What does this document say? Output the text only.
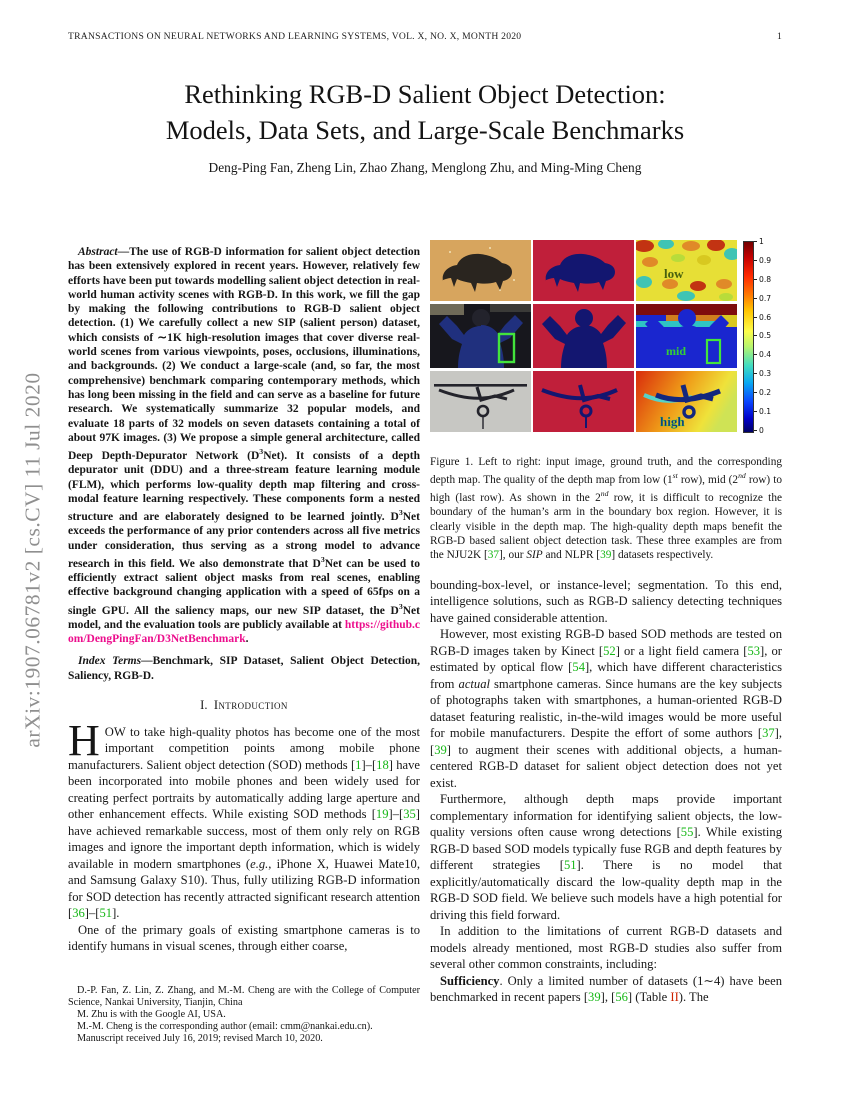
TRANSACTIONS ON NEURAL NETWORKS AND LEARNING SYSTEMS, VOL. X, NO. X, MONTH 2020	1
arXiv:1907.06781v2 [cs.CV] 11 Jul 2020
Rethinking RGB-D Salient Object Detection:
Models, Data Sets, and Large-Scale Benchmarks
Deng-Ping Fan, Zheng Lin, Zhao Zhang, Menglong Zhu, and Ming-Ming Cheng

Abstract—The use of RGB-D information for salient object detection has been extensively explored in recent years. However, relatively few efforts have been put towards modelling salient object detection in real-world human activity scenes with RGB-D. In this work, we fill the gap by making the following contributions to RGB-D salient object detection. (1) We carefully collect a new SIP (salient person) dataset, which consists of ∼1K high-resolution images that cover diverse real-world scenes from various viewpoints, poses, occlusions, illuminations, and backgrounds. (2) We conduct a large-scale (and, so far, the most comprehensive) benchmark comparing contemporary methods, which has long been missing in the field and can serve as a baseline for future research. We systematically summarize 32 popular models, and evaluate 18 parts of 32 models on seven datasets containing a total of about 97K images. (3) We propose a simple general architecture, called Deep Depth-Depurator Network $(D^3Net)$. It consists of a depth depurator unit (DDU) and a three-stream feature learning module (FLM), which performs low-quality depth map filtering and cross-modal feature learning respectively. These components form a nested structure and are elaborately designed to be learned jointly. $D^3Net$ exceeds the performance of any prior contenders across all five metrics under consideration, thus serving as a strong model to advance research in this field. We also demonstrate that $D^3Net$ can be used to efficiently extract salient object masks from real scenes, enabling effective background changing application with a speed of 65fps on a single GPU. All the saliency maps, our new SIP dataset, the $D^3Net$ model, and the evaluation tools are publicly available at https://github.com/DengPingFan/D3NetBenchmark.

Index Terms—Benchmark, SIP Dataset, Salient Object Detection, Saliency, RGB-D.

I. Introduction

HOW to take high-quality photos has become one of the most important competition points among mobile phone manufacturers. Salient object detection (SOD) methods [1]–[18] have been incorporated into mobile phones and been widely used for creating perfect portraits by automatically adding large aperture and other enhancement effects. While existing SOD methods [19]–[35] have achieved remarkable success, most of them only rely on RGB images and ignore the important depth information, which is widely available in modern smartphones (e.g., iPhone X, Huawei Mate10, and Samsung Galaxy S10). Thus, fully utilizing RGB-D information for SOD detection has recently attracted significant research attention [36]–[51].

One of the primary goals of existing smartphone cameras is to identify humans in visual scenes, through either coarse,

D.-P. Fan, Z. Lin, Z. Zhang, and M.-M. Cheng are with the College of Computer Science, Nankai University, Tianjin, China

M. Zhu is with the Google AI, USA.

M.-M. Cheng is the corresponding author (email: cmm@nankai.edu.cn).

Manuscript received July 16, 2019; revised March 10, 2020.

low
mid
high
1
0.9
0.8
0.7
0.6
0.5
0.4
0.3
0.2
0.1
0

Figure 1. Left to right: input image, ground truth, and the corresponding depth map. The quality of the depth map from low (1st row), mid (2nd row) to high (last row). As shown in the 2nd row, it is difficult to recognize the boundary of the human’s arm in the boundary box region. However, it is clearly visible in the depth map. The high-quality depth maps benefit the RGB-D based salient object detection task. These three examples are from the NJU2K [37], our SIP and NLPR [39] datasets respectively.

bounding-box-level, or instance-level; segmentation. To this end, intelligence solutions, such as RGB-D saliency detecting techniques have gained considerable attention.

However, most existing RGB-D based SOD methods are tested on RGB-D images taken by Kinect [52] or a light field camera [53], or estimated by optical flow [54], which have different characteristics from actual smartphone cameras. Since humans are the key subjects of photographs taken with smartphones, a human-oriented RGB-D dataset featuring realistic, in-the-wild images would be more useful for mobile manufacturers. Despite the effort of some authors [37], [39] to augment their scenes with additional objects, a human-centered RGB-D dataset for salient object detection does not yet exist.

Furthermore, although depth maps provide important complementary information for identifying salient objects, the low-quality versions often cause wrong detections [55]. While existing RGB-D based SOD models typically fuse RGB and depth features by different strategies [51]. There is no model that explicitly/automatically discard the low-quality depth map in the RGB-D SOD field. We believe such models have a high potential for driving this field forward.

In addition to the limitations of current RGB-D datasets and models already mentioned, most RGB-D studies also suffer from several other common constraints, including:

Sufficiency. Only a limited number of datasets (1∼4) have been benchmarked in recent papers [39], [56] (Table II). The
